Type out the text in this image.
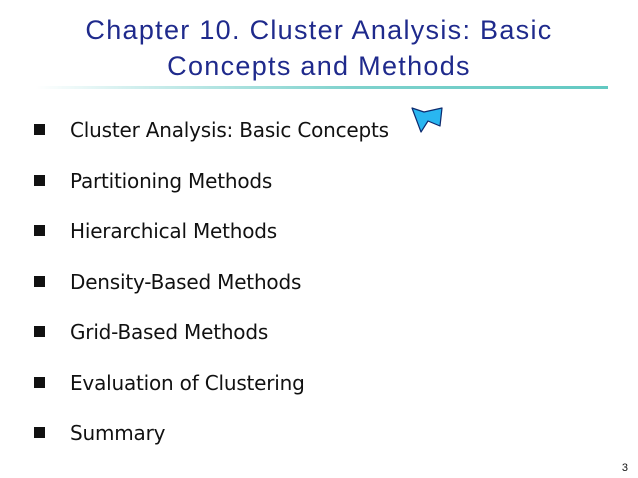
Chapter 10. Cluster Analysis: Basic
Concepts and Methods
Cluster Analysis: Basic Concepts
Partitioning Methods
Hierarchical Methods
Density-Based Methods
Grid-Based Methods
Evaluation of Clustering
Summary
3
